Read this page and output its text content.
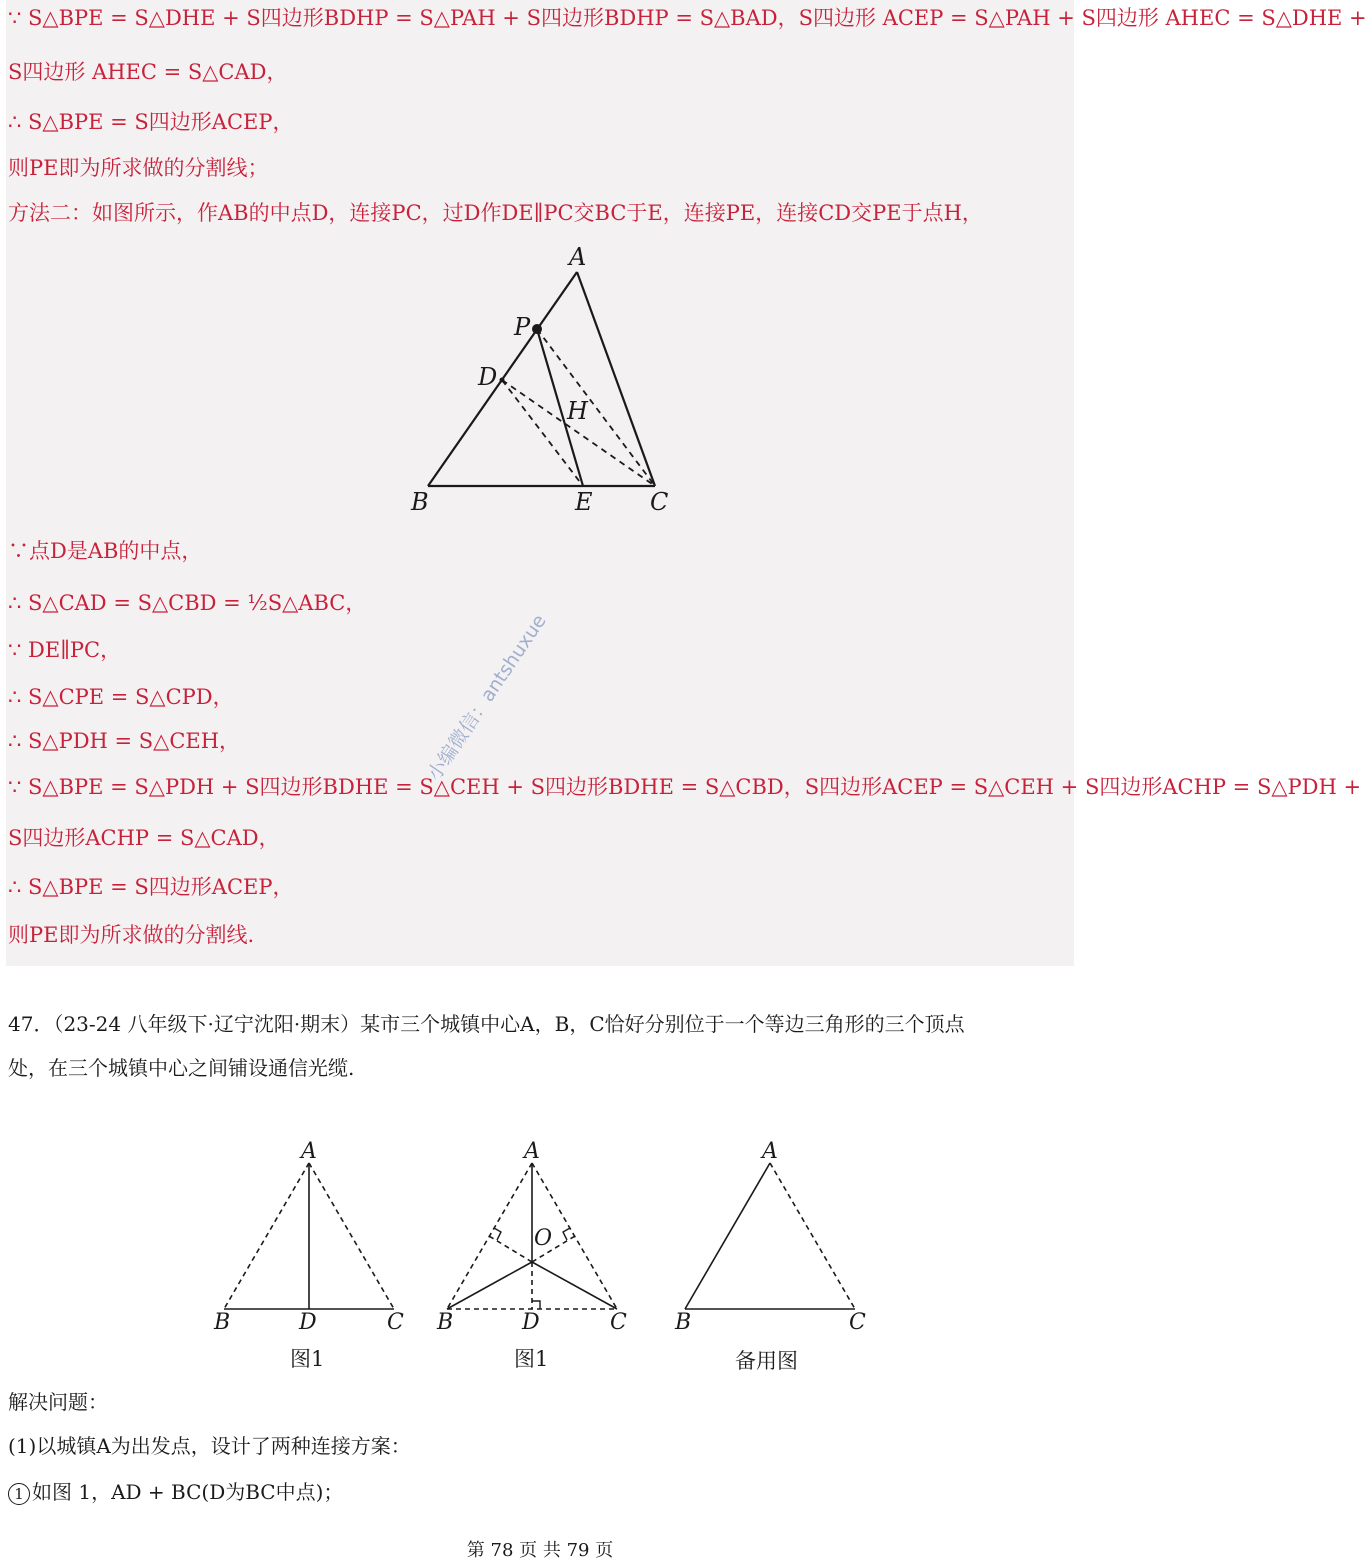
∵ S△BPE = S△DHE + S四边形BDHP = S△PAH + S四边形BDHP = S△BAD，S四边形 ACEP = S△PAH + S四边形 AHEC = S△DHE +
S四边形 AHEC = S△CAD，
∴ S△BPE = S四边形ACEP，
则PE即为所求做的分割线；
方法二：如图所示，作AB的中点D，连接PC，过D作DE∥PC交BC于E，连接PE，连接CD交PE于点H，
A
P
D
H
B	E C
∵点D是AB的中点，
∴ S△CAD = S△CBD = ½S△ABC，
∵ DE∥PC，
∴ S△CPE = S△CPD，
∴ S△PDH = S△CEH，
∵ S△BPE = S△PDH + S四边形BDHE = S△CEH + S四边形BDHE = S△CBD，S四边形ACEP = S△CEH + S四边形ACHP = S△PDH +
S四边形ACHP = S△CAD，
∴ S△BPE = S四边形ACEP，
则PE即为所求做的分割线.
小编微信：antshuxue
47．（23-24 八年级下·辽宁沈阳·期末）某市三个城镇中心A，B，C恰好分别位于一个等边三角形的三个顶点
处，在三个城镇中心之间铺设通信光缆.
A
B	D	C
图1
A
O
B	D	C
图1
A
B	C
备用图
解决问题：
(1)以城镇A为出发点，设计了两种连接方案：
1 如图 1，AD + BC(D为BC中点)；
第 78 页 共 79 页
